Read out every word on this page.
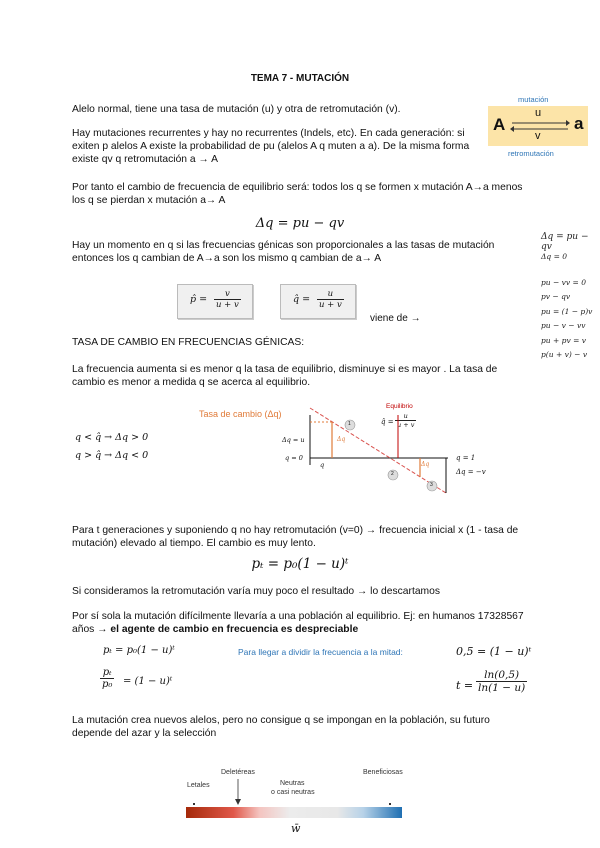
TEMA 7 - MUTACIÓN

Alelo normal, tiene una tasa de mutación (u) y otra de retromutación (v).

Hay mutaciones recurrentes y hay no recurrentes (Indels, etc). En cada generación: si exiten p alelos A existe la probabilidad de pu (alelos A q muten a a). De la misma forma existe qv q retromutación a → A

mutación
A	a
u
v
retromutación

Por tanto el cambio de frecuencia de equilibrio será: todos los q se formen x mutación A→a menos los q se pierdan x mutación a→ A

Δq = pu − qv

Hay un momento en q si las frecuencias génicas son proporcionales a las tasas de mutación entonces los q cambian de A→a son los mismo q cambian de a→ A

p̂ = $\frac{v}{u + v}$	q̂ = $\frac{u}{u + v}$
viene de →
Δq = pu − qv
Δq = 0
pu − vv = 0
pv − qv
pu = (1 − p)v
pu − v − vv
pu + pv = v
p(u + v) − v
TASA DE CAMBIO EN FRECUENCIAS GÉNICAS:

La frecuencia aumenta si es menor q la tasa de equilibrio, disminuye si es mayor . La tasa de cambio es menor a medida q se acerca al equilibrio.

q < q̂ → Δq > 0
q > q̂ → Δq < 0
Tasa de cambio (Δq)
Equilibrio
q̂ = $\frac{u}{u + v}$
1
2
3
Δq = u
q = 0
q
Δq
Δq
q = 1
Δq = −v

Para t generaciones y suponiendo q no hay retromutación (v=0) → frecuencia inicial x (1 - tasa de mutación) elevado al tiempo. El cambio es muy lento.

pₜ = p₀(1 − u)ᵗ

Si consideramos la retromutación varía muy poco el resultado → lo descartamos

Por sí sola la mutación difícilmente llevaría a una población al equilibrio. Ej: en humanos 17328567 años → el agente de cambio en frecuencia es despreciable

pₜ = p₀(1 − u)ᵗ
$\frac{\text{pₜ}}{\text{p₀}} = (1$ − u)ᵗ
Para llegar a dividir la frecuencia a la mitad:	0,5 = (1 − u)ᵗ
$t = \frac{\ln(0,5)}{\ln(1 - u)}$

La mutación crea nuevos alelos, pero no consigue q se impongan en la población, su futuro depende del azar y la selección

Letales
Deletéreas
Neutras
o casi neutras
Beneficiosas
w̄
